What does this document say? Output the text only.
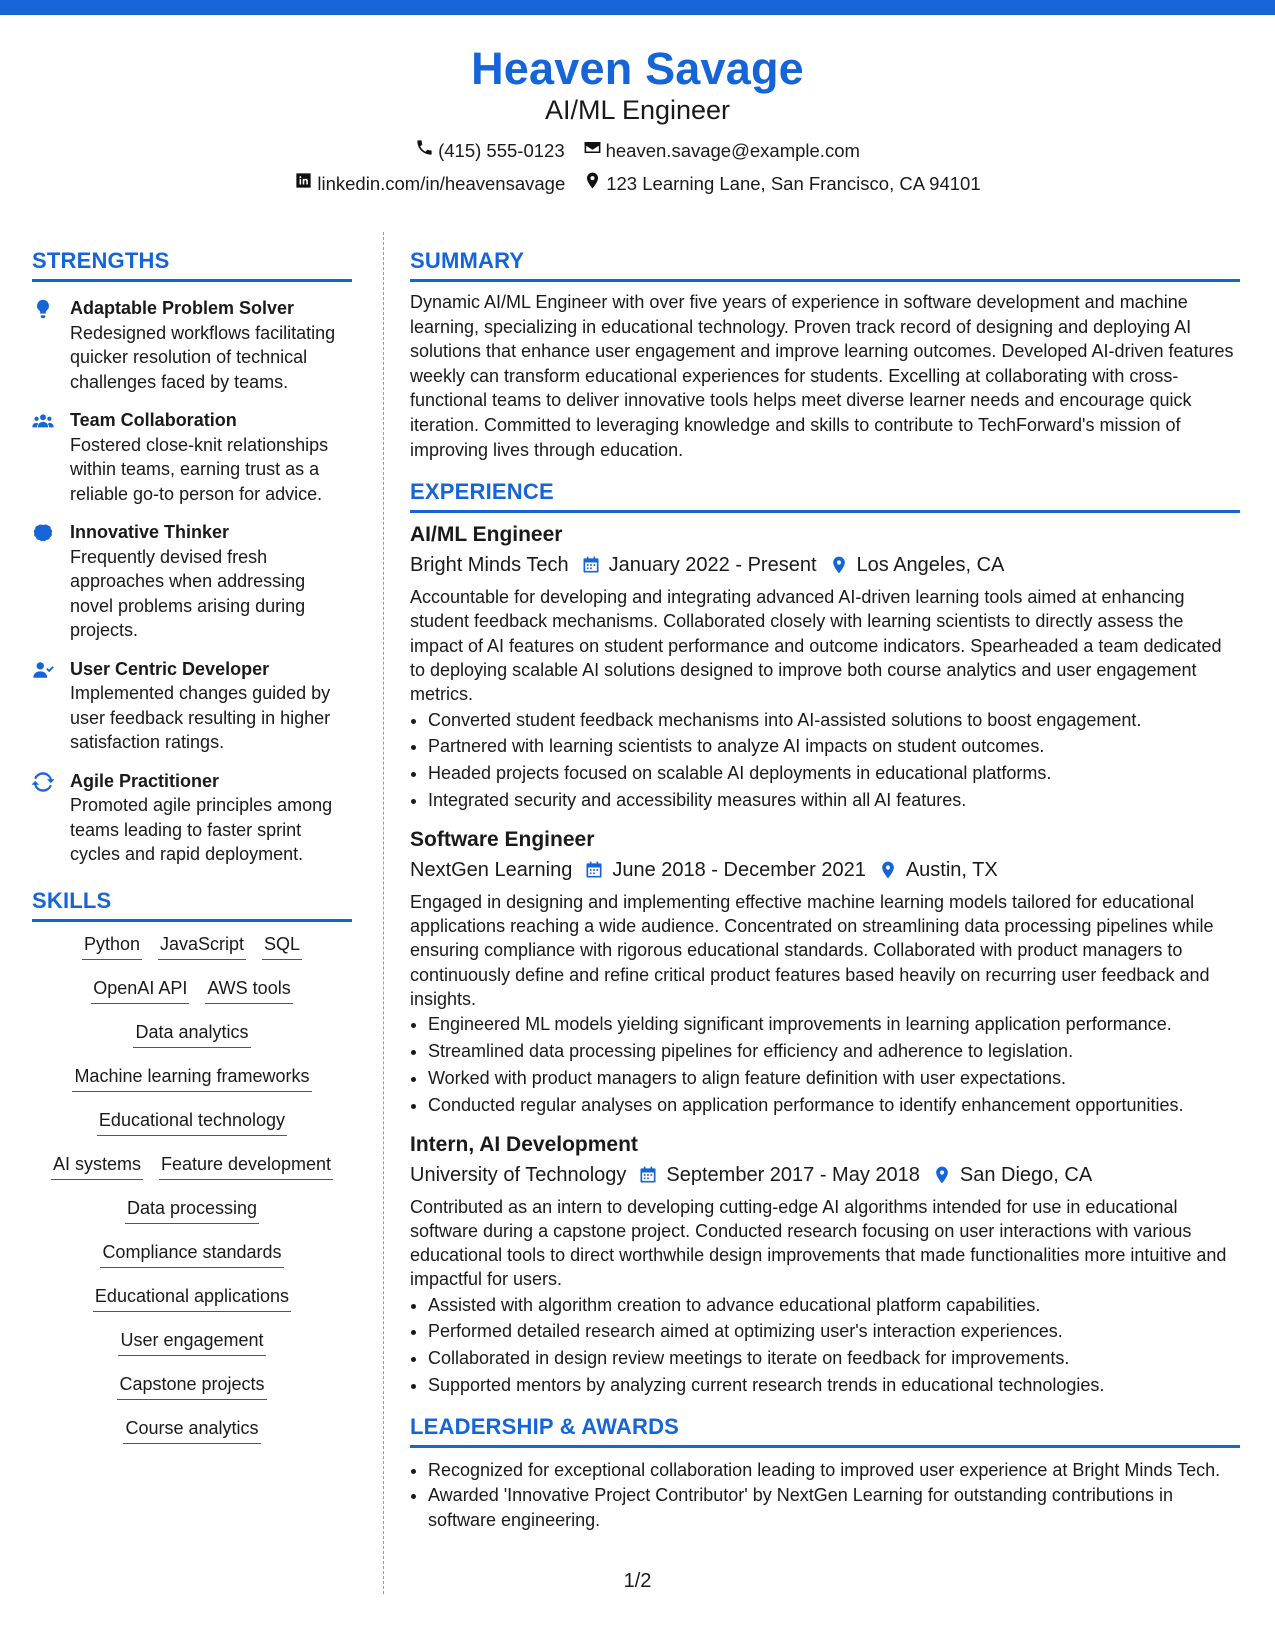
Heaven Savage
AI/ML Engineer
(415) 555-0123 heaven.savage@example.com
linkedin.com/in/heavensavage 123 Learning Lane, San Francisco, CA 94101
STRENGTHS
Adaptable Problem Solver
Redesigned workflows facilitating quicker resolution of technical challenges faced by teams.
Team Collaboration
Fostered close-knit relationships within teams, earning trust as a reliable go-to person for advice.
Innovative Thinker
Frequently devised fresh approaches when addressing novel problems arising during projects.
User Centric Developer
Implemented changes guided by user feedback resulting in higher satisfaction ratings.
Agile Practitioner
Promoted agile principles among teams leading to faster sprint cycles and rapid deployment.
SKILLS
Python JavaScript SQL
OpenAI API AWS tools
Data analytics
Machine learning frameworks
Educational technology
AI systems Feature development
Data processing
Compliance standards
Educational applications
User engagement
Capstone projects
Course analytics
SUMMARY
Dynamic AI/ML Engineer with over five years of experience in software development and machine learning, specializing in educational technology. Proven track record of designing and deploying AI solutions that enhance user engagement and improve learning outcomes. Developed AI-driven features weekly can transform educational experiences for students. Excelling at collaborating with cross-functional teams to deliver innovative tools helps meet diverse learner needs and encourage quick iteration. Committed to leveraging knowledge and skills to contribute to TechForward's mission of improving lives through education.
EXPERIENCE
AI/ML Engineer
Bright Minds Tech January 2022 - Present Los Angeles, CA
Accountable for developing and integrating advanced AI-driven learning tools aimed at enhancing student feedback mechanisms. Collaborated closely with learning scientists to directly assess the impact of AI features on student performance and outcome indicators. Spearheaded a team dedicated to deploying scalable AI solutions designed to improve both course analytics and user engagement metrics.
• Converted student feedback mechanisms into AI-assisted solutions to boost engagement.
• Partnered with learning scientists to analyze AI impacts on student outcomes.
• Headed projects focused on scalable AI deployments in educational platforms.
• Integrated security and accessibility measures within all AI features.
Software Engineer
NextGen Learning June 2018 - December 2021 Austin, TX
Engaged in designing and implementing effective machine learning models tailored for educational applications reaching a wide audience. Concentrated on streamlining data processing pipelines while ensuring compliance with rigorous educational standards. Collaborated with product managers to continuously define and refine critical product features based heavily on recurring user feedback and insights.
• Engineered ML models yielding significant improvements in learning application performance.
• Streamlined data processing pipelines for efficiency and adherence to legislation.
• Worked with product managers to align feature definition with user expectations.
• Conducted regular analyses on application performance to identify enhancement opportunities.
Intern, AI Development
University of Technology September 2017 - May 2018 San Diego, CA
Contributed as an intern to developing cutting-edge AI algorithms intended for use in educational software during a capstone project. Conducted research focusing on user interactions with various educational tools to direct worthwhile design improvements that made functionalities more intuitive and impactful for users.
• Assisted with algorithm creation to advance educational platform capabilities.
• Performed detailed research aimed at optimizing user's interaction experiences.
• Collaborated in design review meetings to iterate on feedback for improvements.
• Supported mentors by analyzing current research trends in educational technologies.
LEADERSHIP & AWARDS
• Recognized for exceptional collaboration leading to improved user experience at Bright Minds Tech.
• Awarded 'Innovative Project Contributor' by NextGen Learning for outstanding contributions in software engineering.
1/2
